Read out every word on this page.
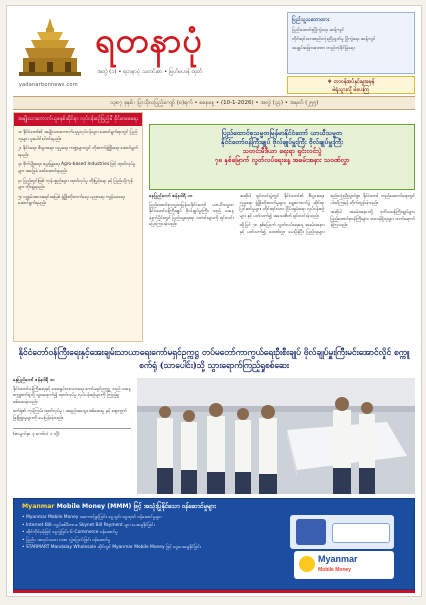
yadanarbonnews.com
ရတနာပုံ
အတွဲ (၁) • ရတနာပုံ သတင်းစာ • ဗြဟ်ဗဟန် ထုတ်
ပြည်သူ့သဘောထား

ပြည်ထောင်စုပြိုကွဲရေး ဆန့်ကျင်

တိုင်းရင်းသားစည်းလုံးညီညွတ်မှု ပြိုကွဲရေး ဆန့်ကျင်

အချုပ်အခြာအာဏာ တည်တံ့ခိုင်မြဲရေး

❖ တာဝန်အပ်နှင်းမှုအမှန်
မဲရုံသွားလို့ မဲပေးကြ
၁၃၈၇ ခုနှစ် ၊ ပြာသိုလပြည့်ကျော် (၈)ရက် • စနေနေ့ • (10-1-2026) • အတွဲ (၃၄) • အမှတ် (၂၅၅)
အမျိုးသားကောက်ယူစနစ်ဆိုင်ရာ လုပ်ငန်းစဉ်ပြည့်မီ ခိုင်မာစေရေး

၁။ နိုင်ငံတော်၏ အမျိုးသားကောက်ယူမှုလုပ်ငန်းများ ဆောင်ရွက်ရာတွင် ပြည်သူများ ပူးပေါင်းပါဝင်ရမည်။

၂။ နိုင်ငံရေး၊ စီးပွားရေး၊ လူမှုရေး ကဏ္ဍများတွင် တိုးတက်ဖွံ့ဖြိုးရေး ဆောင်ရွက်ရမည်။

၃။ စိုက်ပျိုးရေး၊ မွေးမြူရေး Agro-based Industries ဖြင့် ထုတ်လုပ်မှုများ အခြေခံ ဖော်ဆောင်ရမည်။

၄။ ပြည်တွင်းဖြစ် ကုန်ပစ္စည်းများ ထုတ်လုပ်မှု တိုးမြှင့်ရေး နှင့် ပြည်ပပို့ကုန် များ တိုးချဲ့ရမည်။

၅။ လူ့စွမ်းအားအရင်းအမြစ် ဖွံ့ဖြိုးတိုးတက်ရေး ပညာရေး ကျန်းမာရေး ဆောင်ရွက်ရမည်။

ပြည်ထောင်စုသမ္မတမြန်မာနိုင်ငံတော် ယာယီသမ္မတ
နိုင်ငံတော်ဝန်ကြီးချုပ် ဗိုလ်ချုပ်မှူးကြီး ဗိုလ်ချုပ်မှူးကြီး
သတင်းမီဒီယာ ရေးရာ ရှင်းလင်းပွဲ
၇၈ နှစ်မြောက် လွတ်လပ်ရေးနေ့ အခမ်းအနား သဝဏ်လွှာ
နေပြည်တော် ဇန်နဝါရီ ၁၀

ပြည်ထောင်စုသမ္မတမြန်မာနိုင်ငံတော် ယာယီသမ္မတ နိုင်ငံတော်ဝန်ကြီးချုပ် ဗိုလ်ချုပ်မှူးကြီး သည် ယနေ့ နံနက်ပိုင်းတွင် ပြည်သူ့ရေးရာ သတင်းများကို ရှင်းလင်းပြောကြားခဲ့သည်။

အဆိုပါ ရှင်းလင်းပွဲတွင် နိုင်ငံတော်၏ စီးပွားရေး၊ လူမှုရေး ဖွံ့ဖြိုးတိုးတက်မှုများ၊ ရွေးကောက်ပွဲ ဆိုင်ရာ ပြင်ဆင်မှုများ၊ တိုင်းရင်းသား ငြိမ်းချမ်းရေး လုပ်ငန်းစဉ်များ နှင့် ပတ်သက်၍ အသေးစိတ် ရှင်းလင်းခဲ့သည်။

ထို့ပြင် ၇၈ နှစ်မြောက် လွတ်လပ်ရေးနေ့ အခမ်းအနားနှင့် ပတ်သက်၍ သဝဏ်လွှာ ပေးပို့ခဲ့ပြီး ပြည်သူများ စည်းလုံးညီညွတ်စွာ နိုင်ငံတော် တည်ဆောက်ရေးတွင် ပါဝင်ကြရန် တိုက်တွန်းခဲ့သည်။

အဆိုပါ အခမ်းအနားသို့ ဒုတိယဝန်ကြီးချုပ်များ၊ ပြည်ထောင်စုဝန်ကြီးများ၊ တာဝန်ရှိသူများ တက်ရောက်ခဲ့ကြသည်။

နိုင်ငံတော်ဝန်ကြီးရေးနှင့်အေးချမ်းသာယာရေးကော်မရှင်ဥက္ကဋ္ဌ တပ်မတော်ကာကွယ်ရေးဦးစီးချုပ် ဗိုလ်ချုပ်မှူးကြီးမင်းအောင်လှိုင် စက္ကူစက်ရုံ (သာပေါင်း)သို့ သွားရောက်ကြည့်ရှုစစ်ဆေး
နေပြည်တော် ဇန်နဝါရီ ၁၀

နိုင်ငံတော်ဝန်ကြီးရေးနှင့် အေးချမ်းသာယာရေး ကော်မရှင်ဥက္ကဋ္ဌ သည် ယနေ့ စက္ကူစက်ရုံသို့ သွားရောက်၍ ထုတ်လုပ်မှု လုပ်ငန်းစဉ်များကို ကြည့်ရှု စစ်ဆေးခဲ့သည်။

စက်ရုံ၏ ကုန်ကြမ်း ထုတ်လုပ်မှု ၊ အရည်အသွေး စစ်ဆေးမှု နှင့် ဈေးကွက် ဖြန့်ဖြူးမှုများကို မေးမြန်းခဲ့သည်။

(စာမျက်နှာ ၃ ကော်လံ ၁ သို့)
Myanmar Mobile Money (MMM) ဖြင့် အသုံးပြုနိုင်သော ဝန်ဆောင်မှုများ

• Myanmar Mobile Money အကောင့်ဖွင့်ခြင်း၊ ငွေသွင်း ငွေထုတ် ဝန်ဆောင်မှုများ

• Internet Bill၊ လျှပ်စစ်မီတာခ၊ Skynet Bill Payment များ ပေးချေနိုင်ခြင်း

• ဆိုင်ကိုင်ဖုန်းဖြင့် ငွေလွှဲခြင်း၊ E-Commerce ဝန်ဆောင်မှု

• ပြည်ပ အလုပ်သမား လစာ လွှဲပြောင်းခြင်း ဝန်ဆောင်မှု

• STARMART Mandalay Wholesale ဆိုင်တွင် Myanmar Mobile Money ဖြင့် ငွေပေးချေနိုင်ခြင်း

Myanmar
Mobile Money
